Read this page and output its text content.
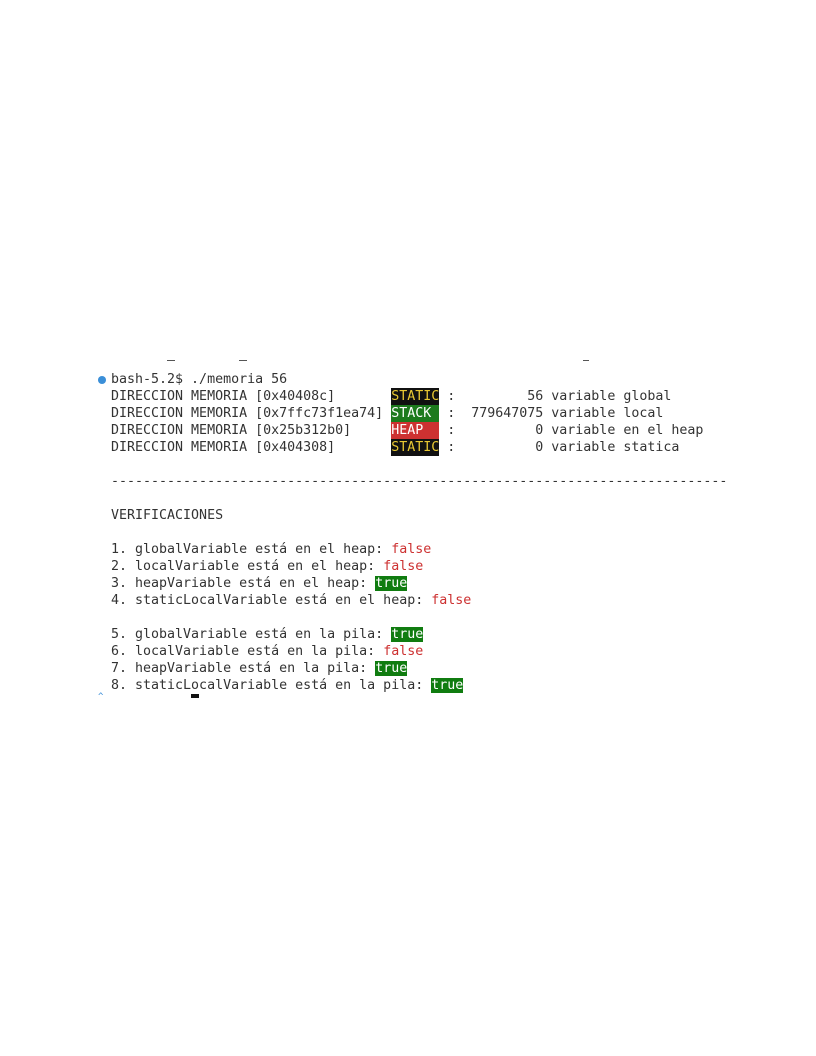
bash-5.2$ ./memoria 56
DIRECCION MEMORIA [0x40408c]       STATIC :         56 variable global
DIRECCION MEMORIA [0x7ffc73f1ea74] STACK  :  779647075 variable local
DIRECCION MEMORIA [0x25b312b0]     HEAP   :          0 variable en el heap
DIRECCION MEMORIA [0x404308]       STATIC :          0 variable statica
-----------------------------------------------------------------------------
VERIFICACIONES
1. globalVariable está en el heap: false
2. localVariable está en el heap: false
3. heapVariable está en el heap: true
4. staticLocalVariable está en el heap: false
5. globalVariable está en la pila: true
6. localVariable está en la pila: false
7. heapVariable está en la pila: true
8. staticLocalVariable está en la pila: true
^
